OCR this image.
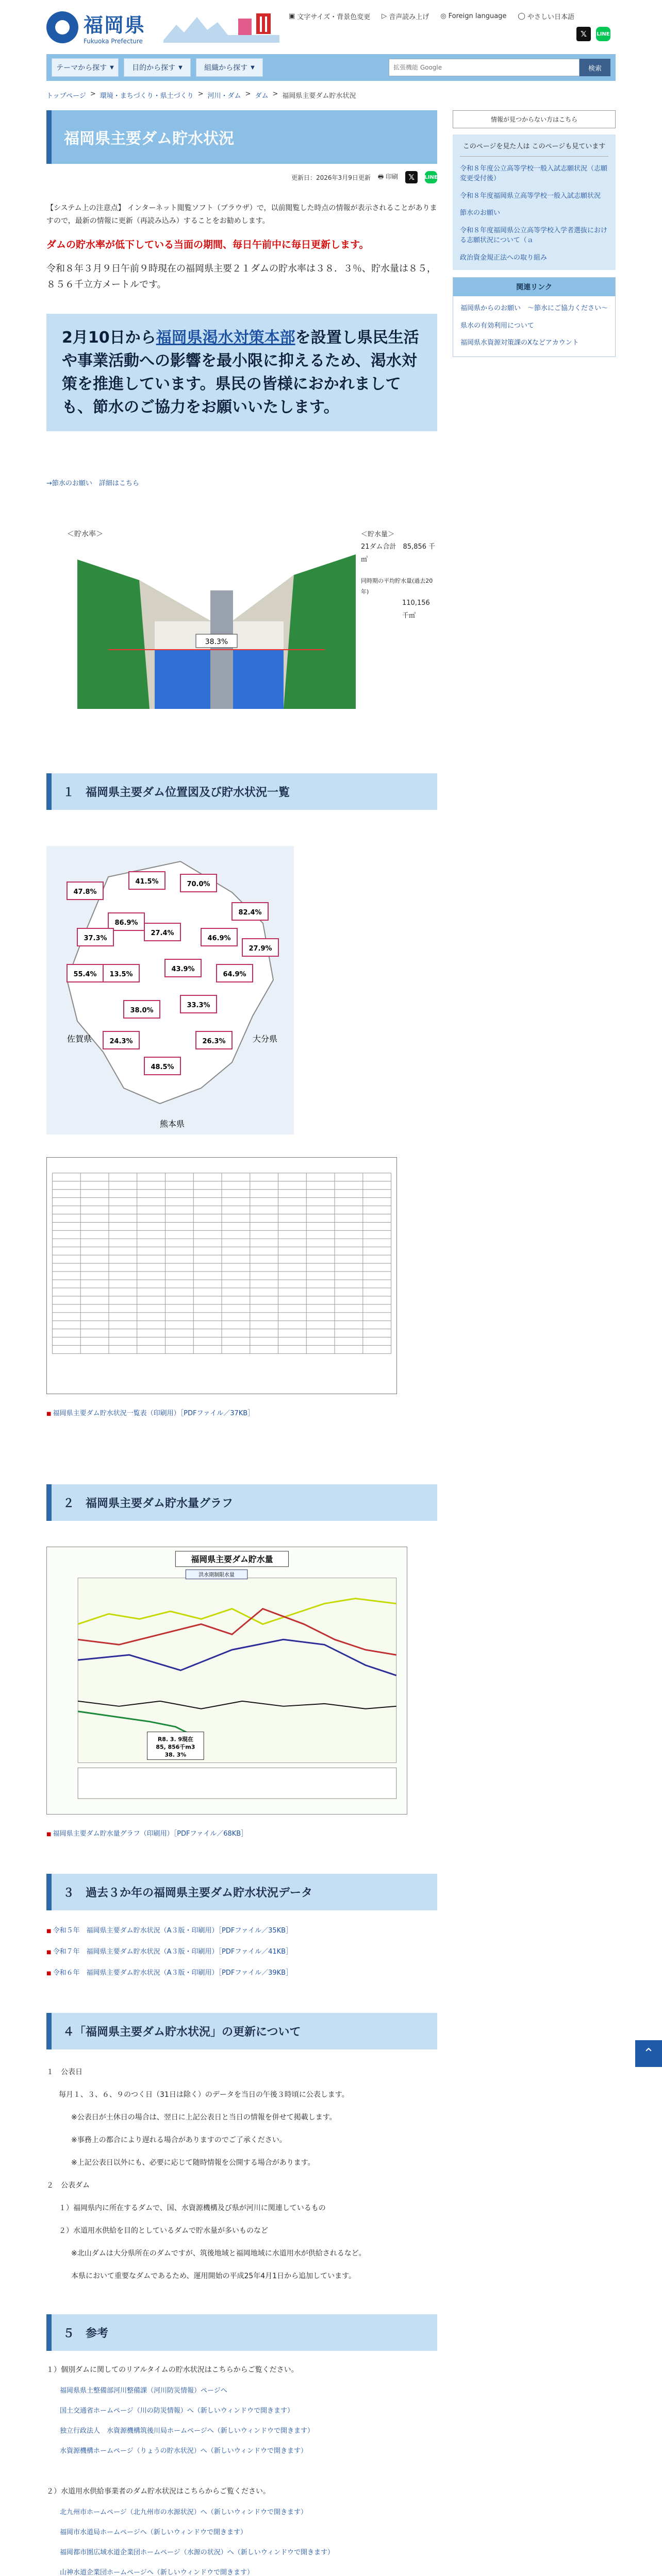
福岡県
Fukuoka Prefecture
▣ 文字サイズ・背景色変更 ▷ 音声読み上げ ◎ Foreign language ◯ やさしい日本語
𝕏	LINE
テーマから探す ▼	目的から探す ▼	組織から探す ▼
拡張機能 Google	検索
トップページ > 環境・まちづくり・県土づくり > 河川・ダム > ダム > 福岡県主要ダム貯水状況
福岡県主要ダム貯水状況
更新日：2026年3月9日更新 🖶 印刷	𝕏	LINE

【システム上の注意点】 インターネット閲覧ソフト（ブラウザ）で，以前閲覧した時点の情報が表示されることがありますので，最新の情報に更新（再読み込み）することをお勧めします。

ダムの貯水率が低下している当面の期間、毎日午前中に毎日更新します。

令和８年３月９日午前９時現在の福岡県主要２１ダムの貯水率は３８．３％、貯水量は８５，８５６千立方メートルです。

2月10日から福岡県渇水対策本部を設置し県民生活や事業活動への影響を最小限に抑えるため、渇水対策を推進しています。県民の皆様におかれましても、節水のご協力をお願いいたします。
→節水のお願い　詳細はこちら
＜貯水率＞
38.3%
＜貯水量＞
21ダム合計　85,856 千㎥
同時期の平均貯水量(過去20年)
110,156 千㎥
１　福岡県主要ダム位置図及び貯水状況一覧
佐賀県	大分県
熊本県
47.8%
41.5%	70.0%
82.4%
27.9%
46.9%
27.4%
86.9%
37.3%
55.4% 13.5%
43.9%
64.9%
33.3%
38.0%
26.3%
48.5%
24.3%

■ 福岡県主要ダム貯水状況一覧表（印刷用）［PDFファイル／37KB］

２　福岡県主要ダム貯水量グラフ
福岡県主要ダム貯水量
洪水期制限水量
R8. 3. 9現在
85, 856千m3
38. 3%

■ 福岡県主要ダム貯水量グラフ（印刷用）［PDFファイル／68KB］

３　過去３か年の福岡県主要ダム貯水状況データ
■ 令和５年　福岡県主要ダム貯水状況（A３版・印刷用）［PDFファイル／35KB］
■ 令和７年　福岡県主要ダム貯水状況（A３版・印刷用）［PDFファイル／41KB］
■ 令和６年　福岡県主要ダム貯水状況（A３版・印刷用）［PDFファイル／39KB］
４「福岡県主要ダム貯水状況」の更新について

１　公表日

毎月１、３、６、９のつく日（31日は除く）のデータを当日の午後３時頃に公表します。

※公表日が土休日の場合は、翌日に上記公表日と当日の情報を併せて掲載します。

※事務上の都合により遅れる場合がありますのでご了承ください。

※上記公表日以外にも、必要に応じて随時情報を公開する場合があります。

２　公表ダム

１）福岡県内に所在するダムで、国、水資源機構及び県が河川に関連しているもの

２）水道用水供給を目的としているダムで貯水量が多いものなど

※北山ダムは大分県所在のダムですが、筑後地域と福岡地域に水道用水が供給されるなど。

本県において重要なダムであるため、運用開始の平成25年4月1日から追加しています。

５　参考

１）個別ダムに関してのリアルタイムの貯水状況はこちらからご覧ください。

福岡県県土整備部河川整備課（河川防災情報）ページへ
国土交通省ホームページ（川の防災情報）へ（新しいウィンドウで開きます）
独立行政法人　水資源機構筑後川局ホームページへ（新しいウィンドウで開きます）
水資源機構ホームページ（りょうの貯水状況）へ（新しいウィンドウで開きます）

２）水道用水供給事業者のダム貯水状況はこちらからご覧ください。

北九州市ホームページ（北九州市の水源状況）へ（新しいウィンドウで開きます）
福岡市水道局ホームページへ（新しいウィンドウで開きます）
福岡都市圏広域水道企業団ホームページ（水源の状況）へ（新しいウィンドウで開きます）
山神水道企業団ホームページへ（新しいウィンドウで開きます）
情報が見つからない方はこちら
このページを見た人は このページも見ています
令和８年度公立高等学校一般入試志願状況（志願変更受付後）
令和８年度福岡県立高等学校一般入試志願状況
節水のお願い
令和８年度福岡県公立高等学校入学者選抜における志願状況について（ａ
政治資金規正法への取り組み
関連リンク
福岡県からのお願い　～節水にご協力ください～
県水の有効利用について
福岡県水資源対策課のXなどアカウント
⌃
